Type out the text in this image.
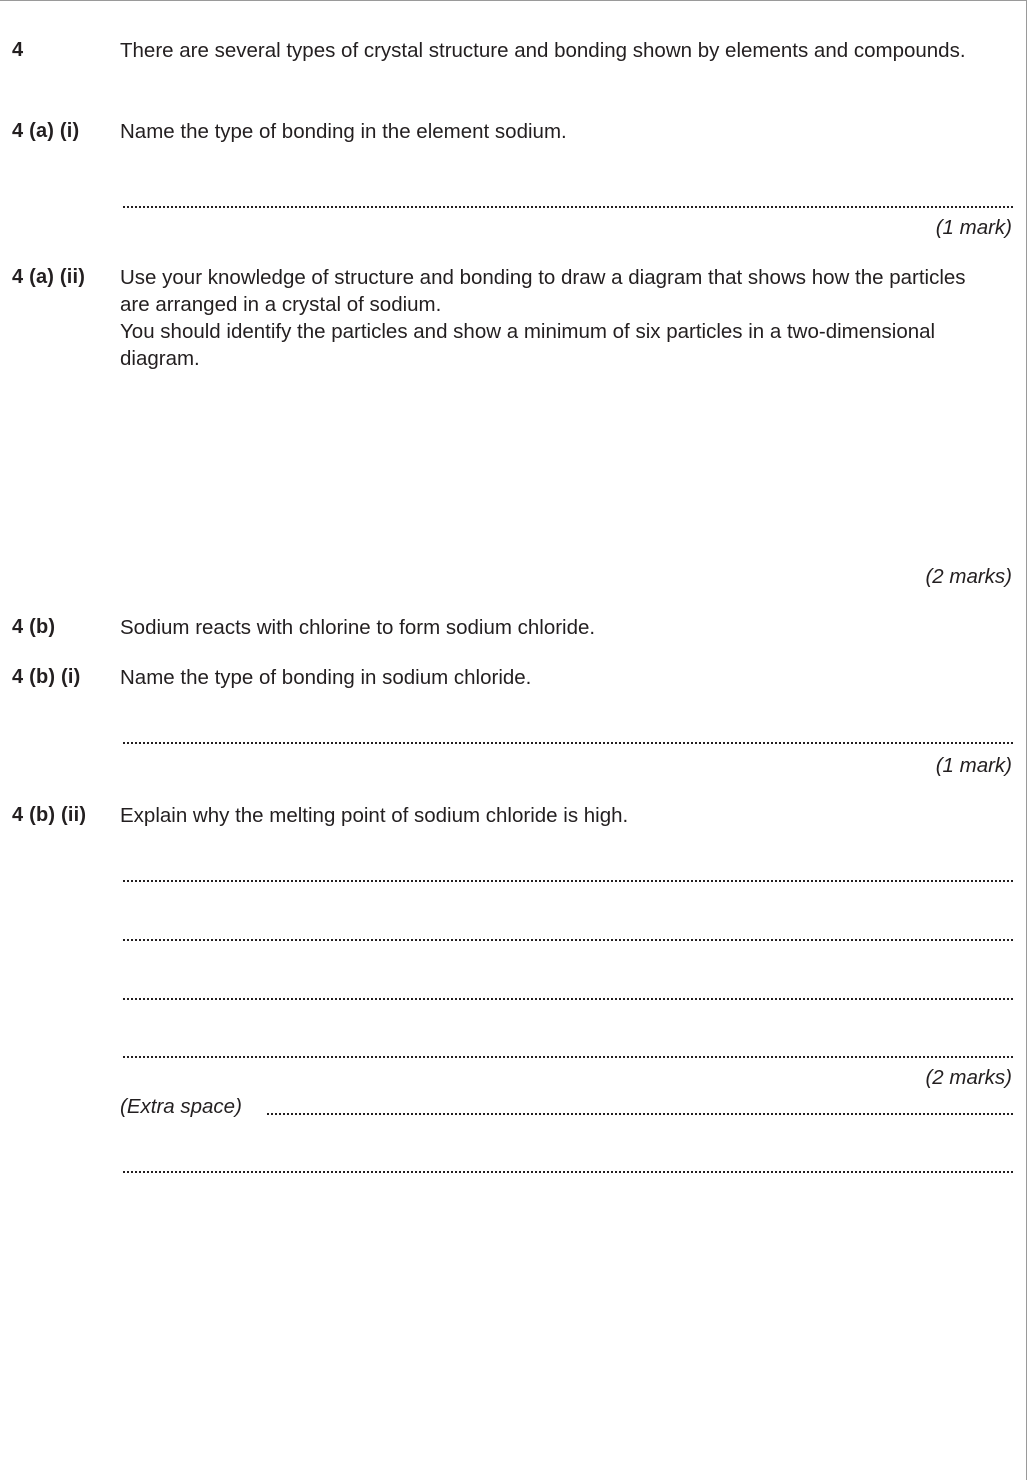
4	There are several types of crystal structure and bonding shown by elements and compounds.

4 (a) (i) Name the type of bonding in the element sodium.
(1 mark)
4 (a) (ii) Use your knowledge of structure and bonding to draw a diagram that shows how the particles are arranged in a crystal of sodium.

You should identify the particles and show a minimum of six particles in a two-dimensional diagram.

(2 marks)
4 (b)	Sodium reacts with chlorine to form sodium chloride.
4 (b) (i) Name the type of bonding in sodium chloride.
(1 mark)
4 (b) (ii) Explain why the melting point of sodium chloride is high.
(2 marks)
(Extra space)
